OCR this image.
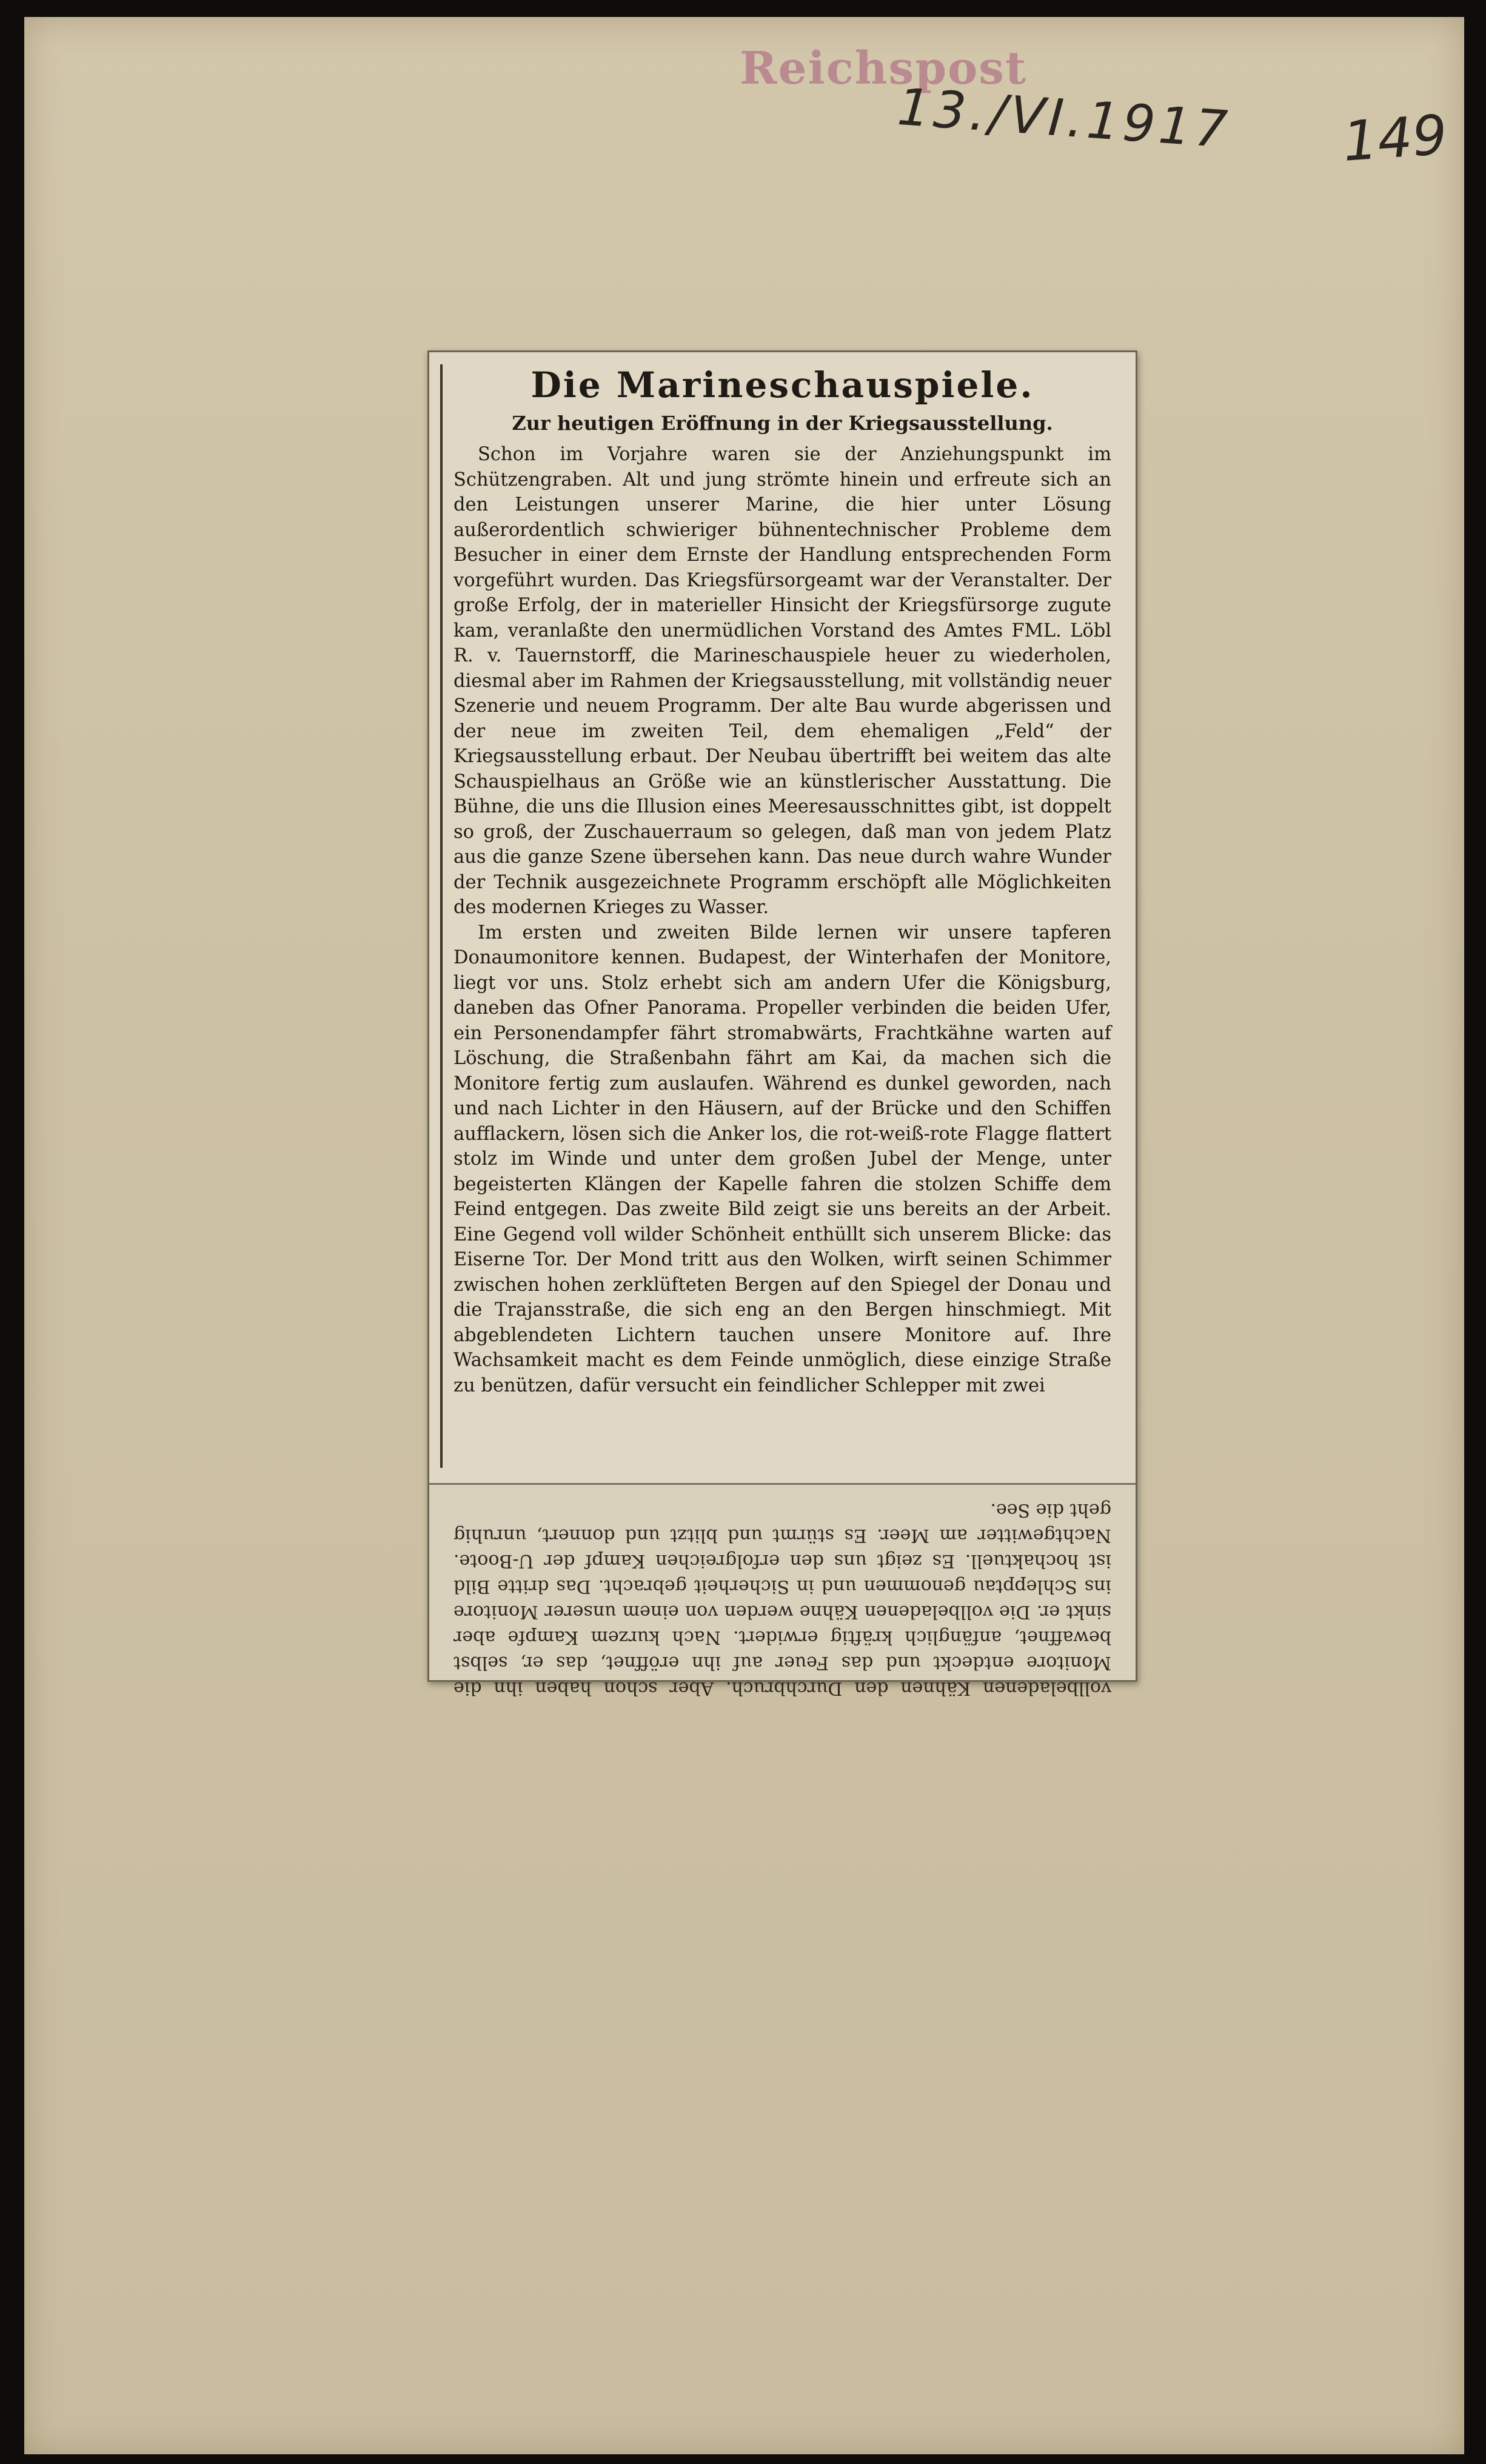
Reichspost
13./VI.1917 149
Die Marineschauspiele.
Zur heutigen Eröffnung in der Kriegsausstellung.

Schon im Vorjahre waren sie der Anziehungspunkt im Schützengraben. Alt und jung strömte hinein und erfreute sich an den Leistungen unserer Marine, die hier unter Lösung außerordentlich schwieriger bühnentechnischer Probleme dem Besucher in einer dem Ernste der Handlung entsprechenden Form vorgeführt wurden. Das Kriegsfürsorgeamt war der Veranstalter. Der große Erfolg, der in materieller Hinsicht der Kriegsfürsorge zugute kam, veranlaßte den unermüdlichen Vorstand des Amtes FML. Löbl R. v. Tauernstorff, die Marineschauspiele heuer zu wiederholen, diesmal aber im Rahmen der Kriegsausstellung, mit vollständig neuer Szenerie und neuem Programm. Der alte Bau wurde abgerissen und der neue im zweiten Teil, dem ehemaligen „Feld“ der Kriegsausstellung erbaut. Der Neubau übertrifft bei weitem das alte Schauspielhaus an Größe wie an künstlerischer Ausstattung. Die Bühne, die uns die Illusion eines Meeresausschnittes gibt, ist doppelt so groß, der Zuschauerraum so gelegen, daß man von jedem Platz aus die ganze Szene übersehen kann. Das neue durch wahre Wunder der Technik ausgezeichnete Programm erschöpft alle Möglichkeiten des modernen Krieges zu Wasser.

Im ersten und zweiten Bilde lernen wir unsere tapferen Donaumonitore kennen. Budapest, der Winterhafen der Monitore, liegt vor uns. Stolz erhebt sich am andern Ufer die Königsburg, daneben das Ofner Panorama. Propeller verbinden die beiden Ufer, ein Personendampfer fährt stromabwärts, Frachtkähne warten auf Löschung, die Straßenbahn fährt am Kai, da machen sich die Monitore fertig zum auslaufen. Während es dunkel geworden, nach und nach Lichter in den Häusern, auf der Brücke und den Schiffen aufflackern, lösen sich die Anker los, die rot-weiß-rote Flagge flattert stolz im Winde und unter dem großen Jubel der Menge, unter begeisterten Klängen der Kapelle fahren die stolzen Schiffe dem Feind entgegen. Das zweite Bild zeigt sie uns bereits an der Arbeit. Eine Gegend voll wilder Schönheit enthüllt sich unserem Blicke: das Eiserne Tor. Der Mond tritt aus den Wolken, wirft seinen Schimmer zwischen hohen zerklüfteten Bergen auf den Spiegel der Donau und die Trajansstraße, die sich eng an den Bergen hinschmiegt. Mit abgeblendeten Lichtern tauchen unsere Monitore auf. Ihre Wachsamkeit macht es dem Feinde unmöglich, diese einzige Straße zu benützen, dafür versucht ein feindlicher Schlepper mit zwei

vollbeladenen Kähnen den Durchbruch. Aber schon haben ihn die Monitore entdeckt und das Feuer auf ihn eröffnet, das er, selbst bewaffnet, anfänglich kräftig erwidert. Nach kurzem Kampfe aber sinkt er. Die vollbeladenen Kähne werden von einem unserer Monitore ins Schlepptau genommen und in Sicherheit gebracht. Das dritte Bild ist hochaktuell. Es zeigt uns den erfolgreichen Kampf der U-Boote. Nachtgewitter am Meer. Es stürmt und blitzt und donnert, unruhig geht die See.
